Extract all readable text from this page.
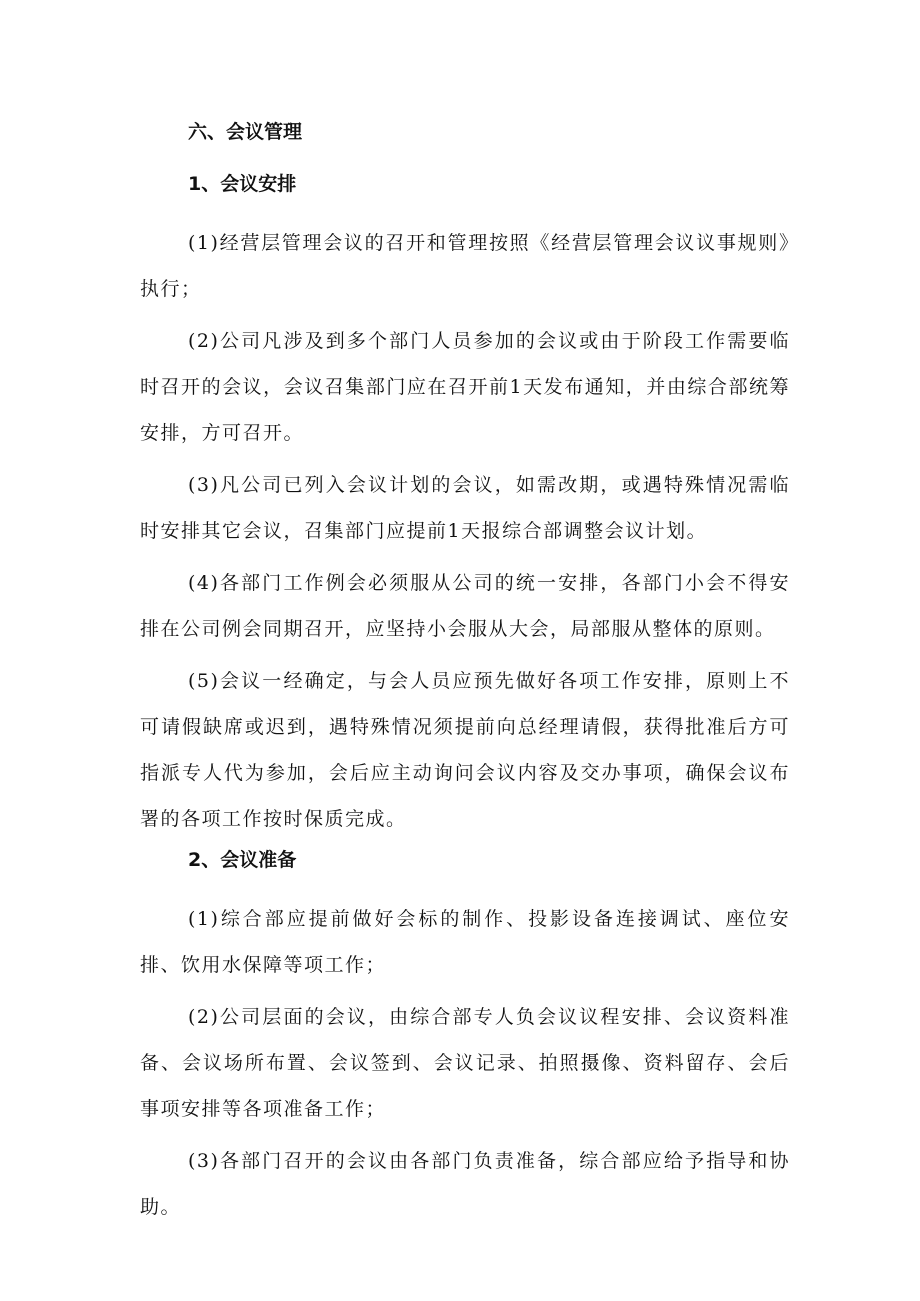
六、会议管理
1、会议安排

(1)经营层管理会议的召开和管理按照《经营层管理会议议事规则》执行；

(2)公司凡涉及到多个部门人员参加的会议或由于阶段工作需要临时召开的会议，会议召集部门应在召开前1天发布通知，并由综合部统筹安排，方可召开。

(3)凡公司已列入会议计划的会议，如需改期，或遇特殊情况需临时安排其它会议，召集部门应提前1天报综合部调整会议计划。

(4)各部门工作例会必须服从公司的统一安排，各部门小会不得安排在公司例会同期召开，应坚持小会服从大会，局部服从整体的原则。

(5)会议一经确定，与会人员应预先做好各项工作安排，原则上不可请假缺席或迟到，遇特殊情况须提前向总经理请假，获得批准后方可指派专人代为参加，会后应主动询问会议内容及交办事项，确保会议布署的各项工作按时保质完成。

2、会议准备

(1)综合部应提前做好会标的制作、投影设备连接调试、座位安排、饮用水保障等项工作；

(2)公司层面的会议，由综合部专人负会议议程安排、会议资料准备、会议场所布置、会议签到、会议记录、拍照摄像、资料留存、会后事项安排等各项准备工作；

(3)各部门召开的会议由各部门负责准备，综合部应给予指导和协助。
